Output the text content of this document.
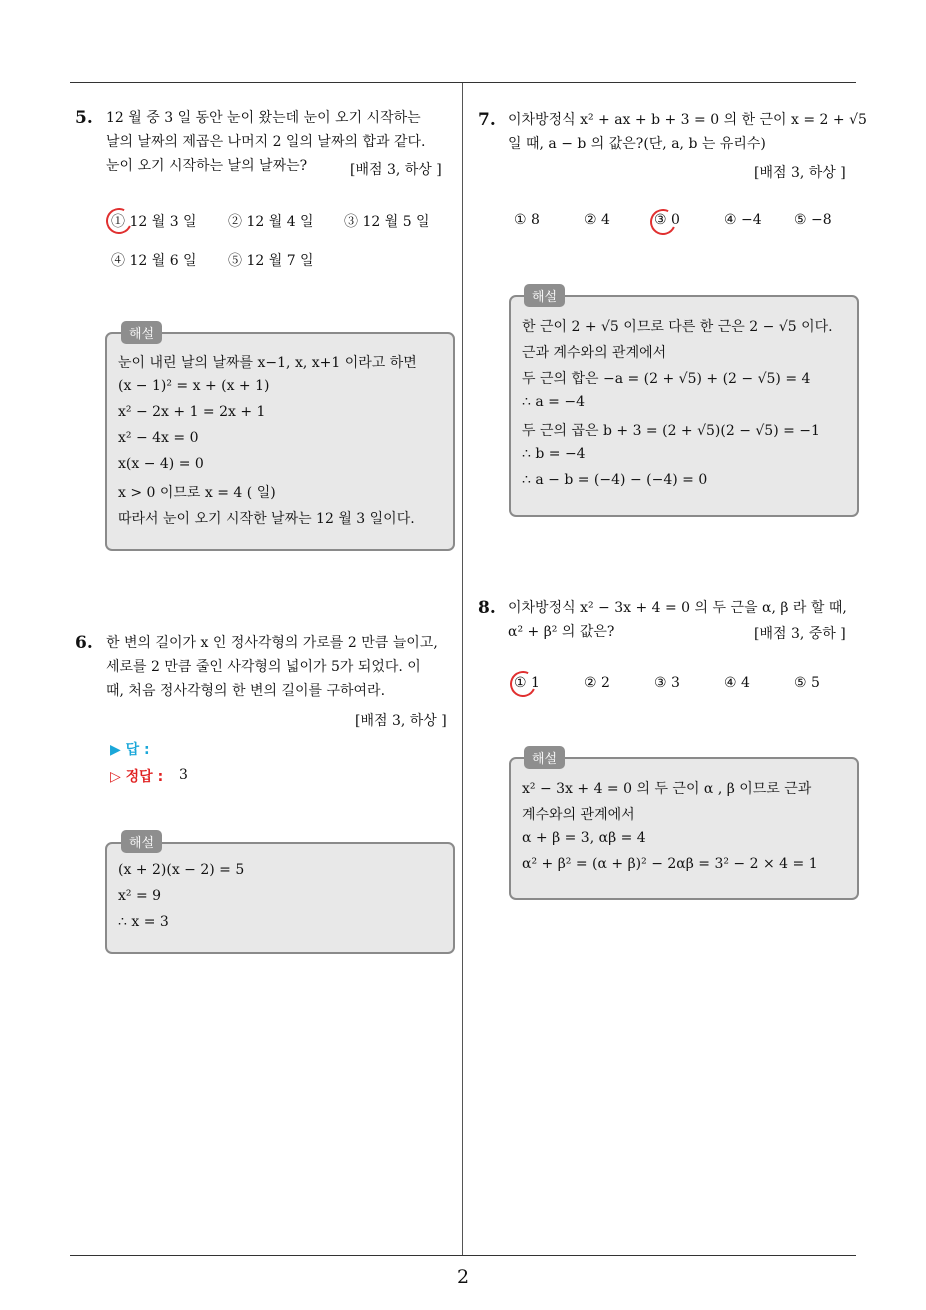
2
5. 12 월 중 3 일 동안 눈이 왔는데 눈이 오기 시작하는
날의 날짜의 제곱은 나머지 2 일의 날짜의 합과 같다.
눈이 오기 시작하는 날의 날짜는?	[배점 3, 하상 ]
① 12 월 3 일 ② 12 월 4 일 ③ 12 월 5 일
④ 12 월 6 일 ⑤ 12 월 7 일
해설
눈이 내린 날의 날짜를 x−1, x, x+1 이라고 하면
(x − 1)² = x + (x + 1)
x² − 2x + 1 = 2x + 1
x² − 4x = 0
x(x − 4) = 0
x > 0 이므로 x = 4 ( 일)
따라서 눈이 오기 시작한 날짜는 12 월 3 일이다.
6. 한 변의 길이가 x 인 정사각형의 가로를 2 만큼 늘이고,
세로를 2 만큼 줄인 사각형의 넓이가 5가 되었다. 이
때, 처음 정사각형의 한 변의 길이를 구하여라.
[배점 3, 하상 ]
▶ 답 :
▷ 정답 : 3
해설
(x + 2)(x − 2) = 5
x² = 9
∴ x = 3
7. 이차방정식 x² + ax + b + 3 = 0 의 한 근이 x = 2 + √5
일 때, a − b 의 값은?(단, a, b 는 유리수)
[배점 3, 하상 ]
① 8	② 4	③ 0	④ −4 ⑤ −8
해설
한 근이 2 + √5 이므로 다른 한 근은 2 − √5 이다.
근과 계수와의 관계에서
두 근의 합은 −a = (2 + √5) + (2 − √5) = 4
∴ a = −4
두 근의 곱은 b + 3 = (2 + √5)(2 − √5) = −1
∴ b = −4
∴ a − b = (−4) − (−4) = 0
8. 이차방정식 x² − 3x + 4 = 0 의 두 근을 α, β 라 할 때,
α² + β² 의 값은?	[배점 3, 중하 ]
① 1	② 2	③ 3	④ 4	⑤ 5
해설
x² − 3x + 4 = 0 의 두 근이 α , β 이므로 근과
계수와의 관계에서
α + β = 3, αβ = 4
α² + β² = (α + β)² − 2αβ = 3² − 2 × 4 = 1
